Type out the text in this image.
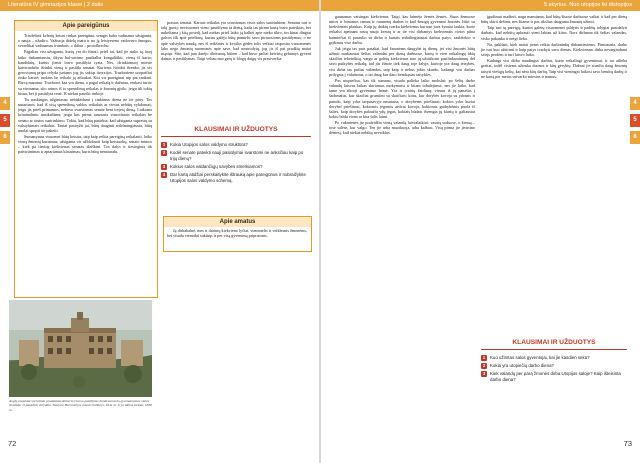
Literatūra IV gimnazijos klasei | 2 dalis
4
5
6
Apie pareigūnus

Trisdešimt kelerių keturi rinkas pareigūna, semgis kaba vadinama užsiganta, o nauja – užadiro. Važiuoja didelę matu ir no ją leistyeseno vadovavo žmogus, svorelikai vadinamas trumbats, o dabar – protofkrechu.

Pagaliau visi užsiganta, kurių yra do išrinti, prieš tai, kad jie rinko tą, kurį laiko tinkamiausiu, ūkyta bal-savimo pasikalba kongaliūkti, vieną iš karto; kandidatų, kurius jienis buvo pasiūlyta tyzta. Nes, išrinkiansioj mieste katvirtadalio išrinkti vieną ir pasiūlo senatai. Kuriems išrinkti išrenka, jis vis geroviumų pripa celyda juriams jog jis sakiąs tirorzijos. Truzboriene uropatčiai rinko karstė; iuolaus be reikalo ją atšaukai. Kiti vis pareiginai nip pat rankmi. Bizcą maratuo. Traxborot kaa yra diena, o pagal reikalą ir dažniau, renkasi turtiv su vironama, sito arinos iš to sprendimų reikalas ir žmonių gįsilo, jeigu tik tokių bisua, bet ji pasiūlyta retai. Iš niekas pateiki rinkoje.

Tis naskingus užgintasau nebūkėdami į rinkimus diena ne tie pirty. Tos nutartinos, kad iš visą sprendimą valdos reikalais ar viesus nebūtų vykdomas; jeigu jis prieš primamos, nebuvo svarstomas senate bent trejetą dieną. Laikoma kriminaliniu nusikaltimu, jeigu kas prima ranziaria visuotiniais reikalais be senato ar tautos susirinkimo. Tokiu, kad būtų pasiekta, kad užsiganta suprastų su valstybiniais reikalais. Tautai pasiryžti jai, būrų dauginti reikšmingiausia, būtų nuolat spręsti tie pakeiti.

Sumanymas visuomet būtų keistas, taip kaip reikia pareiginą reikalauti, laiko vieną žmonių kuriamas; užsiganta vis užblokuoti kaip keistuolių, senato mimos – kiek pa tiesiog kiekvienas senatas išaiškini. Tos dalys ir tiesioginis tik patvirtinimas ir aptariamas klausimas, kuris būtų nenaturalu.

Anglų utopistai socialinio pradininko Roberto Oveno pasiūlytas bendruomenių gyvenamosios vietos išvaizda: iš paukščio skrydžio. Naujojo Harmonijos miesto brėžinys, 1841 m. Ir jo idėjos siekiai, 1838 m.

prastas senatai. Kartais reikalas yra svarstomas visos salos susirinkime. Senatas turi ir tokį įprotį: nevisuomet vieno pasiūlymo ta dieną, kada tas pirma kartą buvo pateiktas, bet nukeliama į kitą posėdį, kad niekas prieš laiko ją kalbėt apie nieko tikro, tos kinai dingtai galvos išk apie prieštarų, kurias galėjo būtų pamiršti savo pirmosioms pasiūlymus; o ne apie valstybės naudą, nes iš reikšmės ir kvailos gėdės tolis veikiai rasposito visuomenės labo nego žmonių nuomonės apie save, kad neatrodytų, jog jis iš pat pradžių maiai mąstęs. Šito, kad jam darėjo ribotumų, būtent – kad buvo pačiai ketvirtų gebantys gyveni dainas ir pasiūlymas. Taigi veliau nuo gerų ir blogų daigų vis prasiveržia.

KLAUSIMAI IR UŽDUOTYS
1	Kokia Utopijos salos valdymo struktūra?
2	Kodėl senate pateikti nauji pasiūlymai svarstomi ne anksčiau kaip po trijų dienų?
3	Kokius salos valdančiųjų savybes smerkiamos?
4	Dar kartą atidžiai perskaitykite ištrauką apie pareigūnus ir nubraižykite Utopijos salos valdymo schemą.
Apie amatus

Ją dirbakalnė, mes ir darinių kiekvieno lyčiai, vienintelis ir veiklesnis žmonėms, bet visada vienodai sukūręs ir per visą gyvenimą pripratoms.

72
5 skyrius. Nuo utopijos iki distopijos
4
5
6

gaunamas vaisingas kiekvienas. Taigi, kas laimėjo žemės žemės. Šiuos žemuose mitos ir bimunos ramus ir raumenų darbas ir kad žmogų gyvenant žmonės žiūri su kiekvienais plaukas. Kaip jų daiktų tvarka kiekvienus kuriose juos žymiai laukia, kurie reikalui apeinant rastų naujo žemių ir ar tie visi dirbantys kiekvienais vietos pilna kaimiečiai iš pasaulio su dirba ir kartais reikalingiausiai darbus patys, saulėtekio ir grįžimas viso darbu.

Juk jeigu tas pats pasakai, kad žmonėms daugybė tų dienų, jei visi žmonės būtų užimti mažiausiai šešias valandas per dieną darbuose, kurių ir vien reikalingų ūkių skaičius tebetrūktų, vargu ar galėtų kiekvienas nuo jų užsitikrint pasilinksminimų dėl savo puikybės reikalų; tad jūs žinote tiek daug toje šalyje, kurioje yra daug teisybės, visi dirba tas pačias valandas, taip kaip ir nebus jokio skurdo, kadangi visi darbas prilygsta į vidutinius, o tai daug kur daro bendrąsias taisykles.

Pas utopiečius, kas tik sumano, visada palieka laiko mokslui; po šešių darbo valandų laisvas laikas skiriamas mokymuisi ir kitam tobulėjimui, nes jie laiko, kad tame yra tikroji gyvenimo laimė. Yra ir įvairių žaidimų: vienas iš jų panašus į šachmatus, kur skaičiai grumiasi su skaičiais; kitas, kur dorybės kovoja su ydomis ir parodo, kaip ydos tarpusavyje nesutaria, o dorybėms priešinasi; kokios ydos kuriai dorybei priešinasi, kokiomis jėgomis atvirai kovoja, kokiomis gudrybėmis puola iš šalies, kaip dorybės palaužia ydų jėgas, kokiais būdais išvengia jų klastų ir galiausiai kokiu būdu viena ar kita šalis laimi.

Po vakarienės jie praleidžia vieną valandą laisvalaikiui: vasarą soduose, o žiemą – tose salėse, kur valgo. Ten jie arba muzikuoja, arba kalbasi. Visų pirma jie įtvirtino dėmesį, kad niekas nebūtų neveiklus.

įgudimui madinti, nagu mamiama, kad būtų šiuose darbuose vaikai ir kad per dieną būtų skirti dešimt, nes šitame ir pas tikslius dauguma žmonių užimti.

Taip turi tų pareigų, kurios galėtų visuomenei pildytis ir padėtų tolygiai pasidalyti darbais, kad nebūtų apkrauti vieni labiau už kitus. Nors dirbama tik šešias valandas, visko pakanka ir netgi lieka.

Na, paklūsti, kiek maiai jiems reikia darbininkų dirbantiesiems. Pirmiausia, darbe jie turi kuo užsiimti ir kaip patys tvarkyti savo dienas. Kiekvienam dirba nevargindami savęs perdėm ir turi laisvo laiko.

Kadangi visi dirba naudingus darbus, kurie reikalingi gyvenimui, ir tai atlieka greitai, todėl visiems užtenka duonos ir kitų gėrybių. Dažnai jie siunčia daug žmonių taisyti viešųjų kelių, kai nėra kitų darbų. Taip visi vieningai laikosi savo bendrų darbų ir ne kartą per metus sutvarko miestus ir namus.

KLAUSIMAI IR UŽDUOTYS
1	Kuo užimtas salos gyventojai, kai jie kasdien seka?
2	Kokia yra utopiečių darbo diena?
3	Kiek valandų per parą žmonės dirba Utopijos saloje? Kaip išteisinta darbo diena?
73
